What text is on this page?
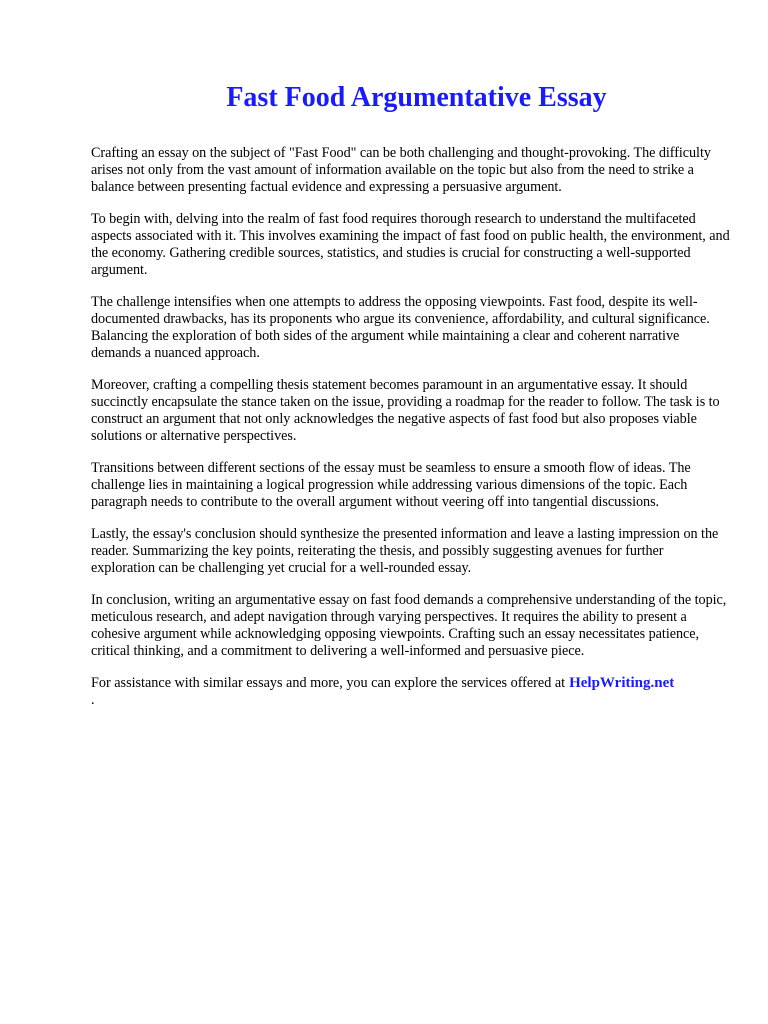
Fast Food Argumentative Essay

Crafting an essay on the subject of "Fast Food" can be both challenging and thought-provoking. The difficulty arises not only from the vast amount of information available on the topic but also from the need to strike a balance between presenting factual evidence and expressing a persuasive argument.

To begin with, delving into the realm of fast food requires thorough research to understand the multifaceted aspects associated with it. This involves examining the impact of fast food on public health, the environment, and the economy. Gathering credible sources, statistics, and studies is crucial for constructing a well-supported argument.

The challenge intensifies when one attempts to address the opposing viewpoints. Fast food, despite its well-documented drawbacks, has its proponents who argue its convenience, affordability, and cultural significance. Balancing the exploration of both sides of the argument while maintaining a clear and coherent narrative demands a nuanced approach.

Moreover, crafting a compelling thesis statement becomes paramount in an argumentative essay. It should succinctly encapsulate the stance taken on the issue, providing a roadmap for the reader to follow. The task is to construct an argument that not only acknowledges the negative aspects of fast food but also proposes viable solutions or alternative perspectives.

Transitions between different sections of the essay must be seamless to ensure a smooth flow of ideas. The challenge lies in maintaining a logical progression while addressing various dimensions of the topic. Each paragraph needs to contribute to the overall argument without veering off into tangential discussions.

Lastly, the essay's conclusion should synthesize the presented information and leave a lasting impression on the reader. Summarizing the key points, reiterating the thesis, and possibly suggesting avenues for further exploration can be challenging yet crucial for a well-rounded essay.

In conclusion, writing an argumentative essay on fast food demands a comprehensive understanding of the topic, meticulous research, and adept navigation through varying perspectives. It requires the ability to present a cohesive argument while acknowledging opposing viewpoints. Crafting such an essay necessitates patience, critical thinking, and a commitment to delivering a well-informed and persuasive piece.

For assistance with similar essays and more, you can explore the services offered at HelpWriting.net
.
